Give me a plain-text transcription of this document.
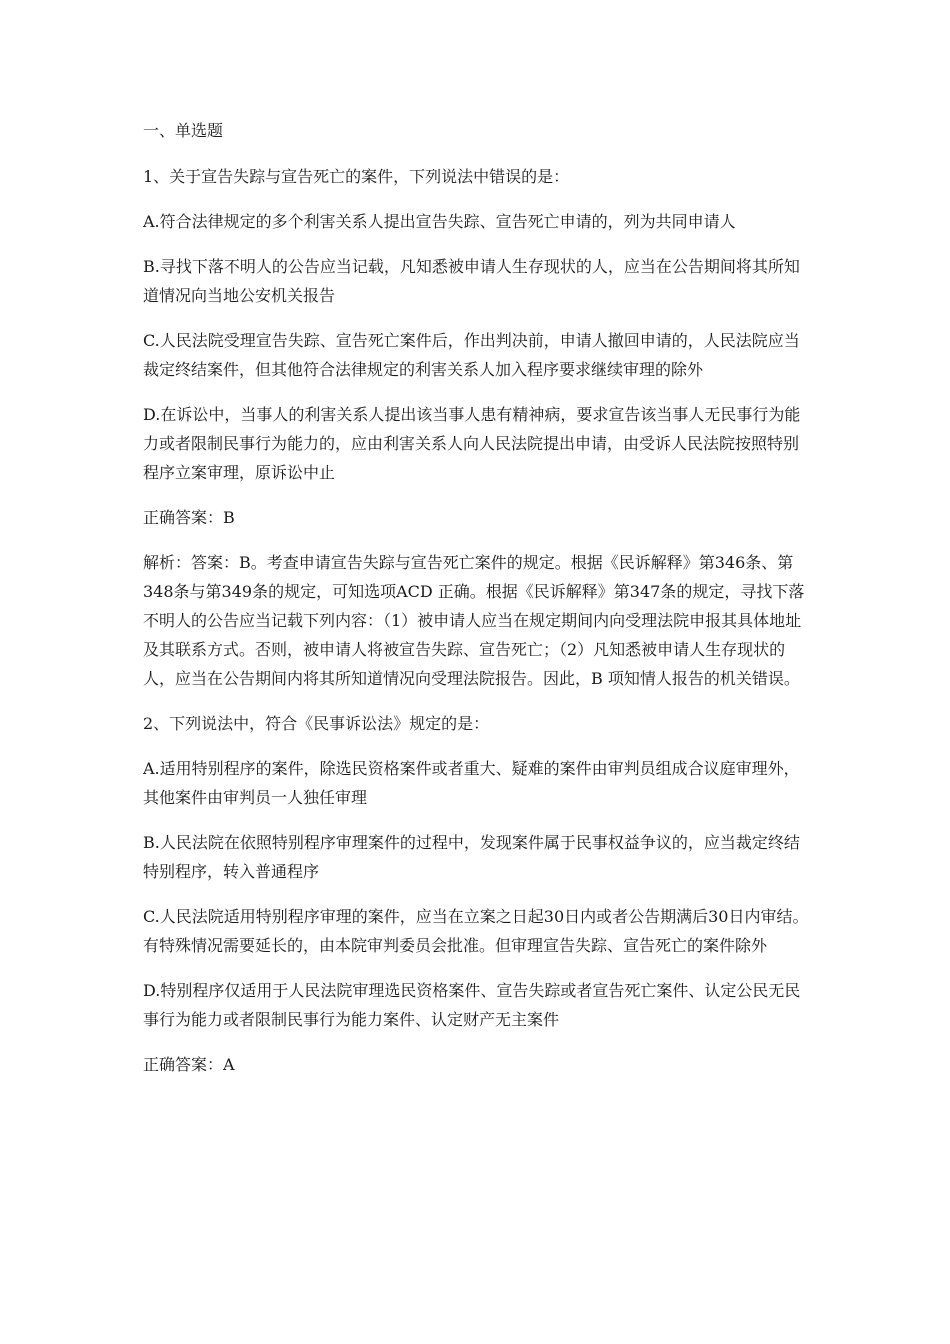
一、单选题

1、关于宣告失踪与宣告死亡的案件，下列说法中错误的是：

A.符合法律规定的多个利害关系人提出宣告失踪、宣告死亡申请的，列为共同申请人

B.寻找下落不明人的公告应当记载，凡知悉被申请人生存现状的人，应当在公告期间将其所知道情况向当地公安机关报告

C.人民法院受理宣告失踪、宣告死亡案件后，作出判决前，申请人撤回申请的，人民法院应当裁定终结案件，但其他符合法律规定的利害关系人加入程序要求继续审理的除外

D.在诉讼中，当事人的利害关系人提出该当事人患有精神病，要求宣告该当事人无民事行为能力或者限制民事行为能力的，应由利害关系人向人民法院提出申请，由受诉人民法院按照特别程序立案审理，原诉讼中止

正确答案：B

解析：答案：B。考查申请宣告失踪与宣告死亡案件的规定。根据《民诉解释》第346条、第348条与第349条的规定，可知选项ACD 正确。根据《民诉解释》第347条的规定，寻找下落不明人的公告应当记载下列内容：（1）被申请人应当在规定期间内向受理法院申报其具体地址及其联系方式。否则，被申请人将被宣告失踪、宣告死亡；（2）凡知悉被申请人生存现状的人，应当在公告期间内将其所知道情况向受理法院报告。因此，B 项知情人报告的机关错误。

2、下列说法中，符合《民事诉讼法》规定的是：

A.适用特别程序的案件，除选民资格案件或者重大、疑难的案件由审判员组成合议庭审理外，其他案件由审判员一人独任审理

B.人民法院在依照特别程序审理案件的过程中，发现案件属于民事权益争议的，应当裁定终结特别程序，转入普通程序

C.人民法院适用特别程序审理的案件，应当在立案之日起30日内或者公告期满后30日内审结。有特殊情况需要延长的，由本院审判委员会批准。但审理宣告失踪、宣告死亡的案件除外

D.特别程序仅适用于人民法院审理选民资格案件、宣告失踪或者宣告死亡案件、认定公民无民事行为能力或者限制民事行为能力案件、认定财产无主案件

正确答案：A
